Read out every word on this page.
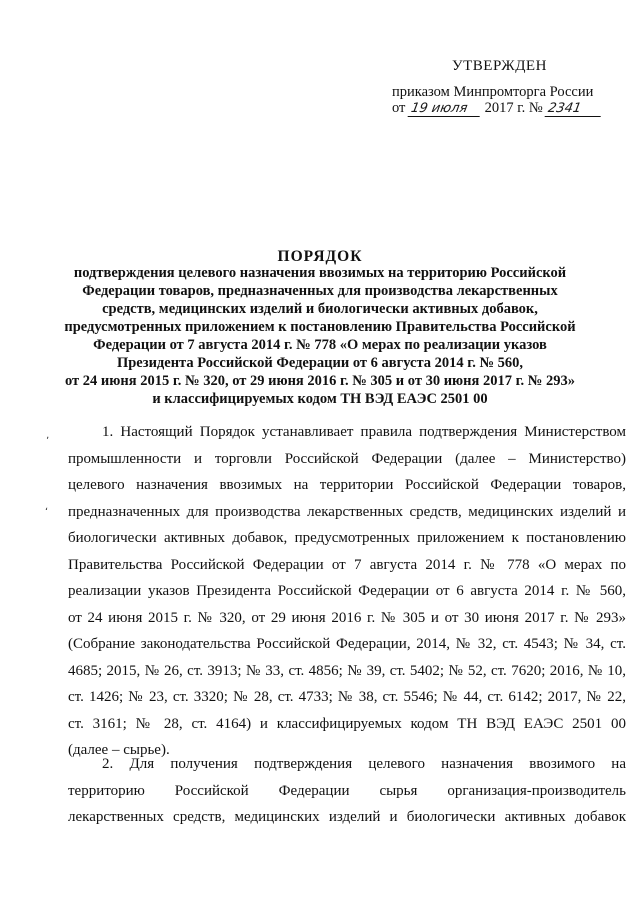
УТВЕРЖДЕН
приказом Минпромторга России
от 19 июля 2017 г. № 2341
ПОРЯДОК
подтверждения целевого назначения ввозимых на территорию Российской
Федерации товаров, предназначенных для производства лекарственных
средств, медицинских изделий и биологически активных добавок,
предусмотренных приложением к постановлению Правительства Российской
Федерации от 7 августа 2014 г. № 778 «О мерах по реализации указов
Президента Российской Федерации от 6 августа 2014 г. № 560,
от 24 июня 2015 г. № 320, от 29 июня 2016 г. № 305 и от 30 июня 2017 г. № 293»
и классифицируемых кодом ТН ВЭД ЕАЭС 2501 00
ʼ
ʻ
1. Настоящий Порядок устанавливает правила подтверждения Министерством
промышленности и торговли Российской Федерации (далее – Министерство)
целевого назначения ввозимых на территории Российской Федерации товаров,
предназначенных для производства лекарственных средств, медицинских изделий и
биологически активных добавок, предусмотренных приложением к постановлению
Правительства Российской Федерации от 7 августа 2014 г. № 778 «О мерах по
реализации указов Президента Российской Федерации от 6 августа 2014 г. № 560,
от 24 июня 2015 г. № 320, от 29 июня 2016 г. № 305 и от 30 июня 2017 г. № 293»
(Собрание законодательства Российской Федерации, 2014, № 32, ст. 4543; № 34, ст.
4685; 2015, № 26, ст. 3913; № 33, ст. 4856; № 39, ст. 5402; № 52, ст. 7620; 2016, № 10,
ст. 1426; № 23, ст. 3320; № 28, ст. 4733; № 38, ст. 5546; № 44, ст. 6142; 2017, № 22,
ст. 3161; № 28, ст. 4164) и классифицируемых кодом ТН ВЭД ЕАЭС 2501 00
(далее – сырье).
2. Для получения подтверждения целевого назначения ввозимого на
территорию Российской Федерации сырья организация-производитель
лекарственных средств, медицинских изделий и биологически активных добавок
